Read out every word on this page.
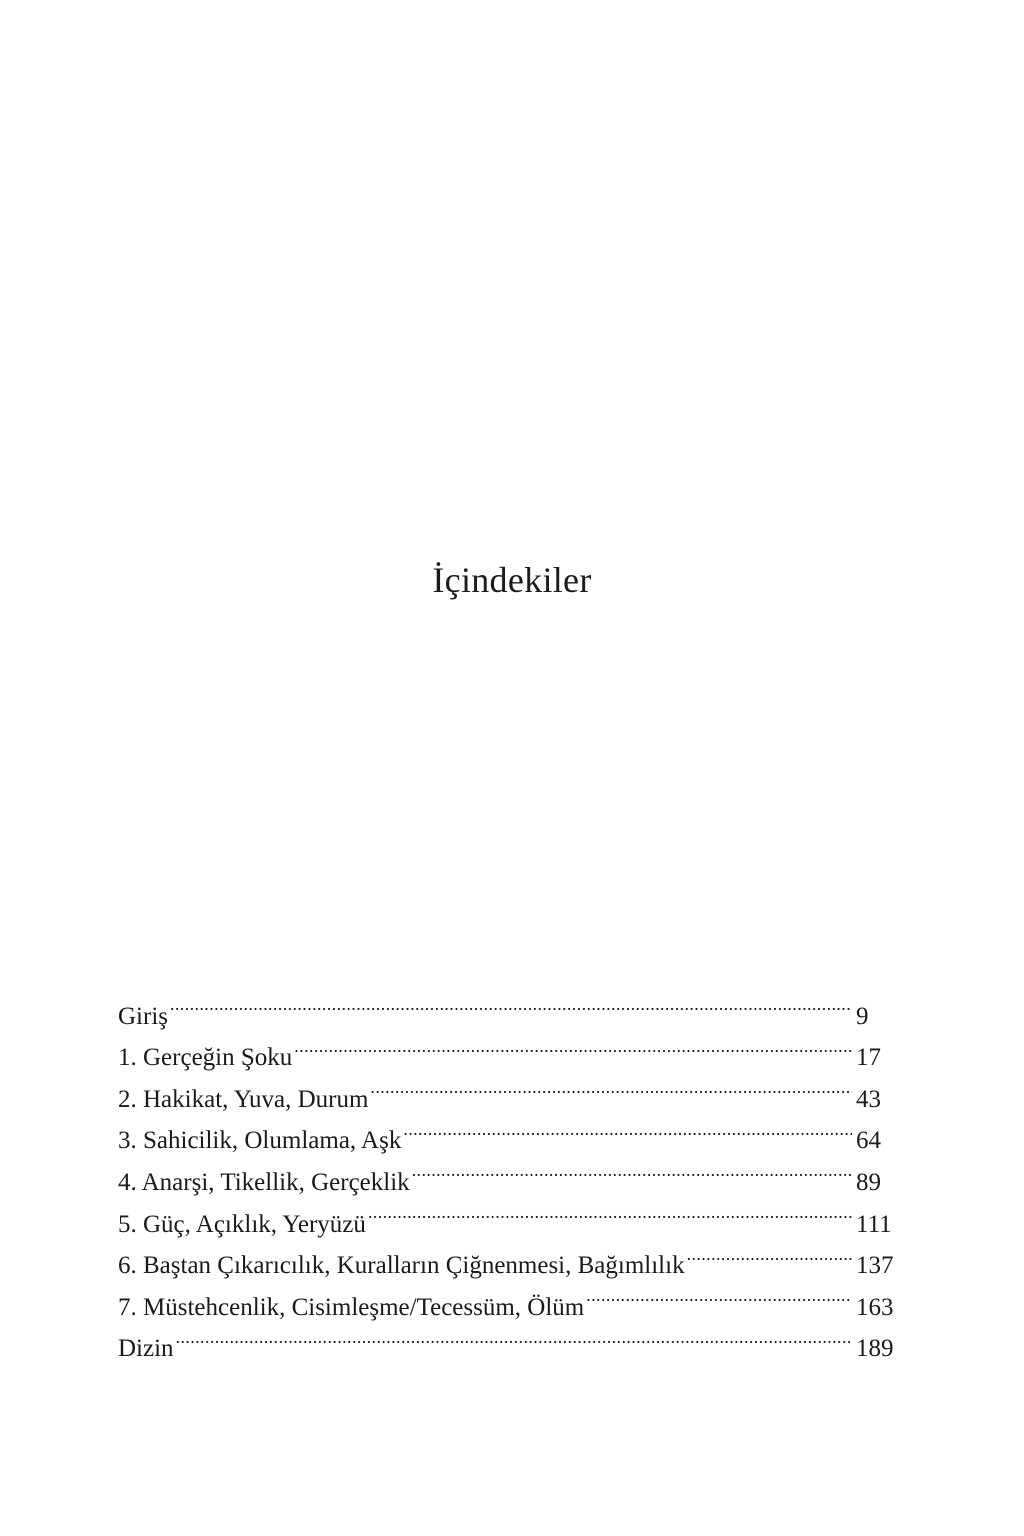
İçindekiler
Giriş .....	9
1. Gerçeğin Şoku .....	17
2. Hakikat, Yuva, Durum .....	43
3. Sahicilik, Olumlama, Aşk .....	64
4. Anarşi, Tikellik, Gerçeklik .....	89
5. Güç, Açıklık, Yeryüzü .....	111
6. Baştan Çıkarıcılık, Kuralların Çiğnenmesi, Bağımlılık .....	137
7. Müstehcenlik, Cisimleşme/Tecessüm, Ölüm .....	163
Dizin .....	189
